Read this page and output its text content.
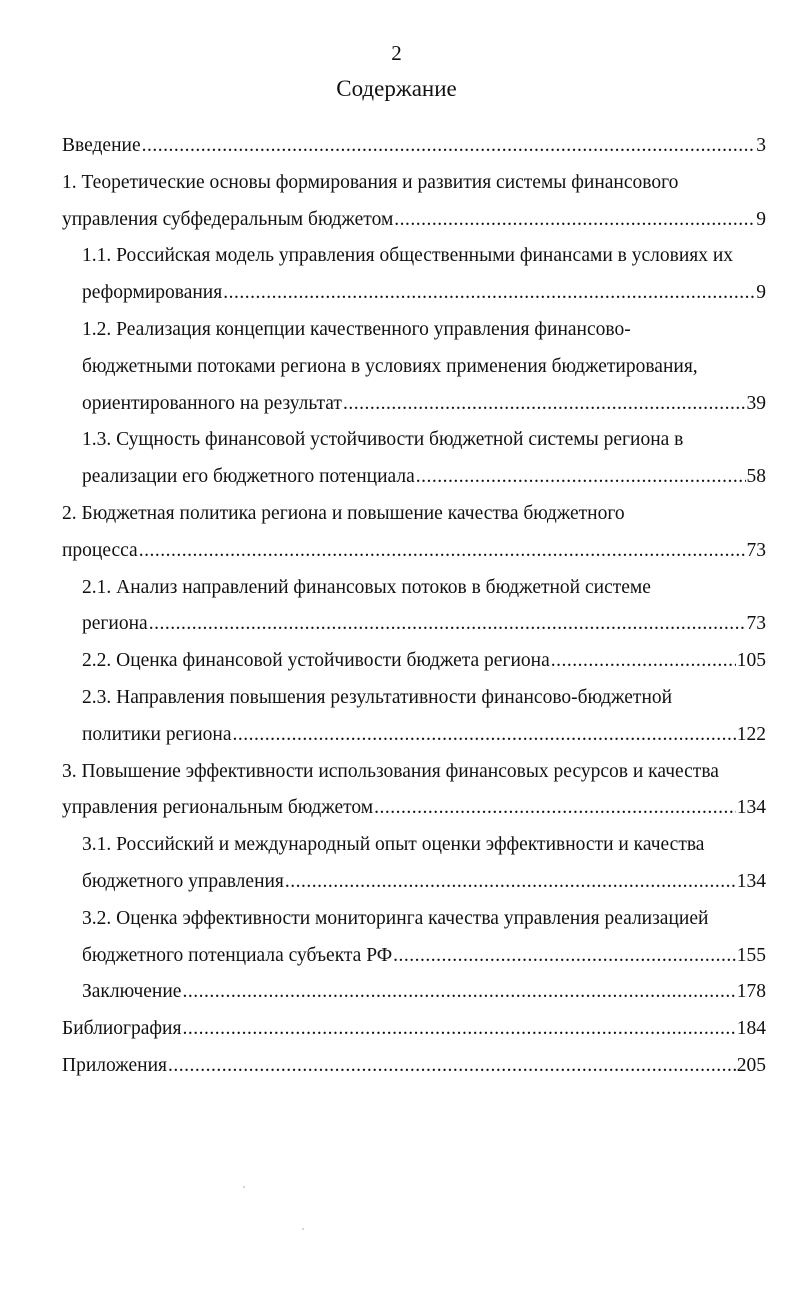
2
Содержание
Введение .....	3
1. Теоретические основы формирования и развития системы финансового
управления субфедеральным бюджетом .....	9
1.1. Российская модель управления общественными финансами в условиях их
реформирования .....	9
1.2. Реализация концепции качественного управления финансово-
бюджетными потоками региона в условиях применения бюджетирования,
ориентированного на результат .....	39
1.3. Сущность финансовой устойчивости бюджетной системы региона в
реализации его бюджетного потенциала .....	58
2. Бюджетная политика региона и повышение качества бюджетного
процесса .....	73
2.1. Анализ направлений финансовых потоков в бюджетной системе
региона .....	73
2.2. Оценка финансовой устойчивости бюджета региона .....	105
2.3. Направления повышения результативности финансово-бюджетной
политики региона .....	122
3. Повышение эффективности использования финансовых ресурсов и качества
управления региональным бюджетом .....	134
3.1. Российский и международный опыт оценки эффективности и качества
бюджетного управления .....	134
3.2. Оценка эффективности мониторинга качества управления реализацией
бюджетного потенциала субъекта РФ .....	155
Заключение .....	178
Библиография .....	184
Приложения .....	205
